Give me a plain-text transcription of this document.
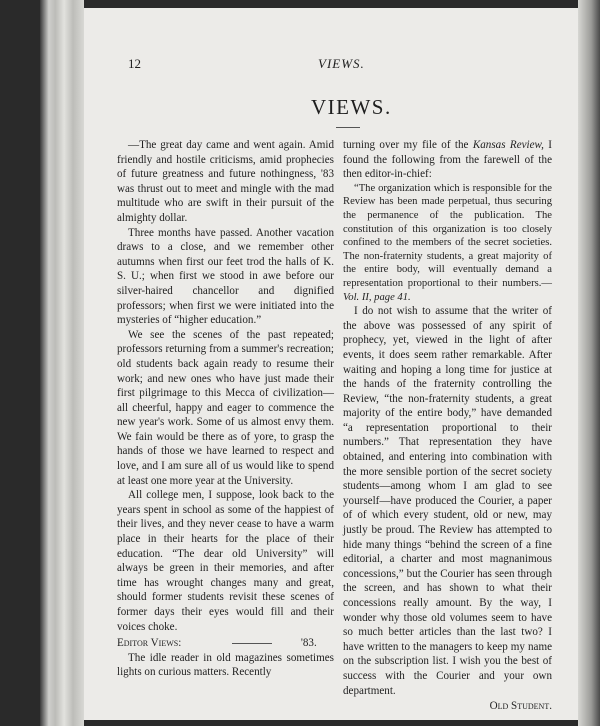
12	VIEWS.
VIEWS.

—The great day came and went again. Amid friendly and hostile criticisms, amid prophecies of future greatness and future nothingness, '83 was thrust out to meet and mingle with the mad multitude who are swift in their pursuit of the almighty dollar.

Three months have passed. Another vacation draws to a close, and we remember other autumns when first our feet trod the halls of K. S. U.; when first we stood in awe before our silver-haired chancellor and dignified professors; when first we were initiated into the mysteries of “higher education.”

We see the scenes of the past repeated; professors returning from a summer's recreation; old students back again ready to resume their work; and new ones who have just made their first pilgrimage to this Mecca of civilization—all cheerful, happy and eager to commence the new year's work. Some of us almost envy them. We fain would be there as of yore, to grasp the hands of those we have learned to respect and love, and I am sure all of us would like to spend at least one more year at the University.

All college men, I suppose, look back to the years spent in school as some of the happiest of their lives, and they never cease to have a warm place in their hearts for the place of their education. “The dear old University” will always be green in their memories, and after time has wrought changes many and great, should former students revisit these scenes of former days their eyes would fill and their voices choke.

Editor Views:	'83.

The idle reader in old magazines sometimes lights on curious matters. Recently

turning over my file of the Kansas Review, I found the following from the farewell of the then editor-in-chief:

“The organization which is responsible for the Review has been made perpetual, thus securing the permanence of the publication. The constitution of this organization is too closely confined to the members of the secret societies. The non-fraternity students, a great majority of the entire body, will eventually demand a representation proportional to their numbers.—Vol. II, page 41.

I do not wish to assume that the writer of the above was possessed of any spirit of prophecy, yet, viewed in the light of after events, it does seem rather remarkable. After waiting and hoping a long time for justice at the hands of the fraternity controlling the Review, “the non-fraternity students, a great majority of the entire body,” have demanded “a representation proportional to their numbers.” That representation they have obtained, and entering into combination with the more sensible portion of the secret society students—among whom I am glad to see yourself—have produced the Courier, a paper of of which every student, old or new, may justly be proud. The Review has attempted to hide many things “behind the screen of a fine editorial, a charter and most magnanimous concessions,” but the Courier has seen through the screen, and has shown to what their concessions really amount. By the way, I wonder why those old volumes seem to have so much better articles than the last two? I have written to the managers to keep my name on the subscription list. I wish you the best of success with the Courier and your own department.

Old Student.
